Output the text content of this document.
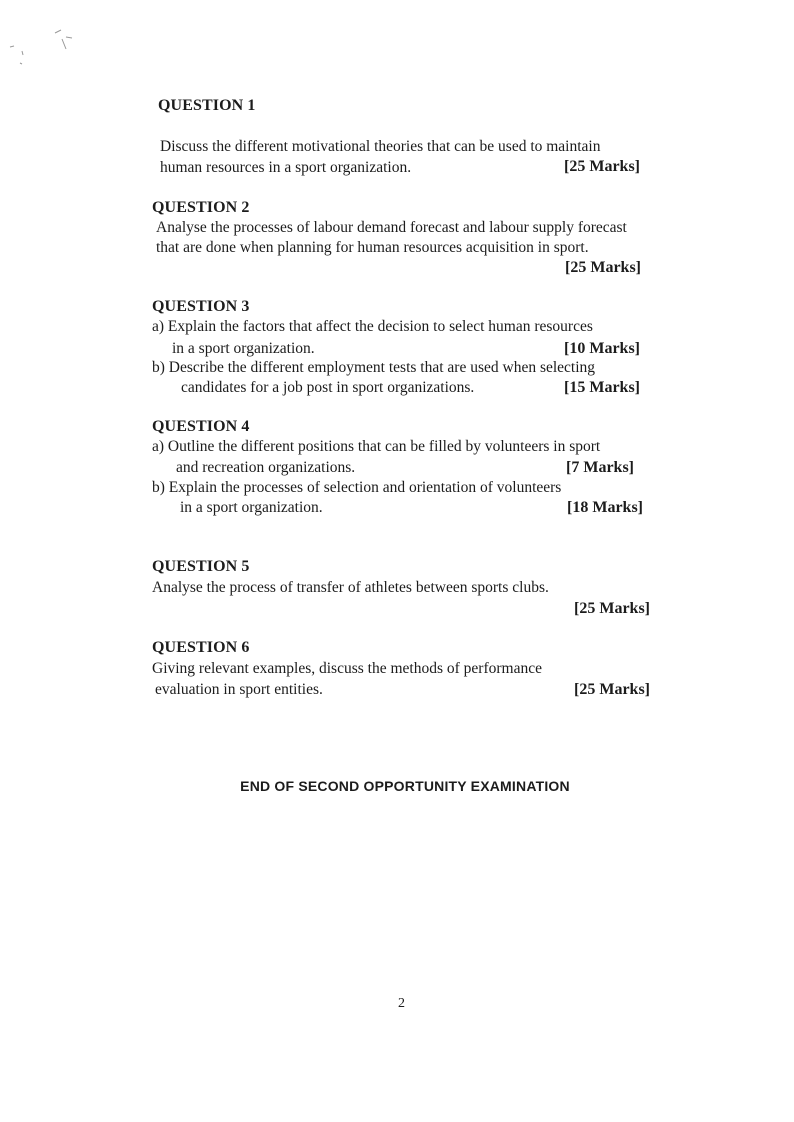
QUESTION 1
Discuss the different motivational theories that can be used to maintain
human resources in a sport organization.	[25 Marks]
QUESTION 2
Analyse the processes of labour demand forecast and labour supply forecast
that are done when planning for human resources acquisition in sport.
[25 Marks]
QUESTION 3
a) Explain the factors that affect the decision to select human resources
in a sport organization.	[10 Marks]
b) Describe the different employment tests that are used when selecting
candidates for a job post in sport organizations.	[15 Marks]
QUESTION 4
a) Outline the different positions that can be filled by volunteers in sport
and recreation organizations.	[7 Marks]
b) Explain the processes of selection and orientation of volunteers
in a sport organization.	[18 Marks]
QUESTION 5
Analyse the process of transfer of athletes between sports clubs.
[25 Marks]
QUESTION 6
Giving relevant examples, discuss the methods of performance
evaluation in sport entities.	[25 Marks]
END OF SECOND OPPORTUNITY EXAMINATION
2
